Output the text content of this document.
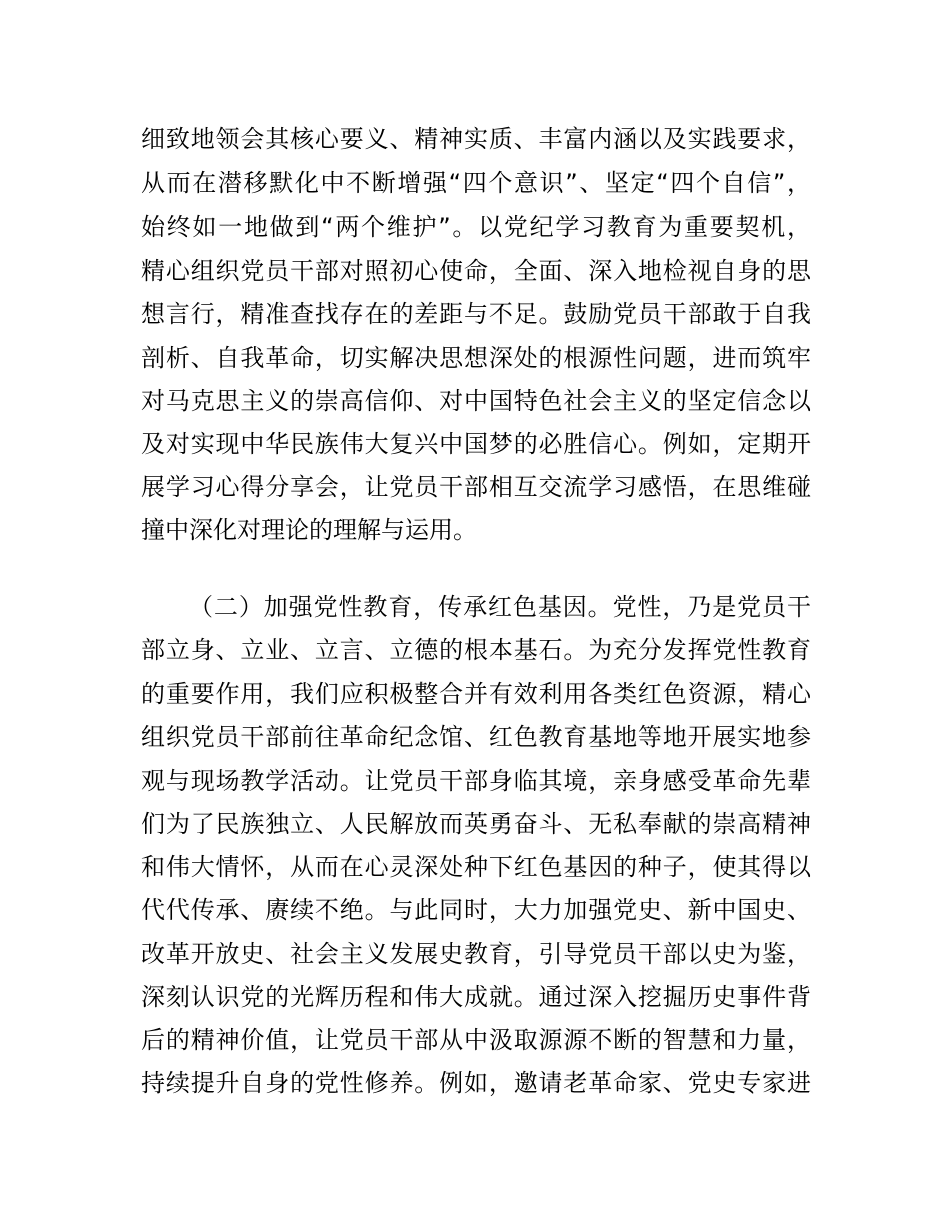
细致地领会其核心要义、精神实质、丰富内涵以及实践要求，
从而在潜移默化中不断增强“四个意识”、坚定“四个自信”，
始终如一地做到“两个维护”。以党纪学习教育为重要契机，
精心组织党员干部对照初心使命，全面、深入地检视自身的思
想言行，精准查找存在的差距与不足。鼓励党员干部敢于自我
剖析、自我革命，切实解决思想深处的根源性问题，进而筑牢
对马克思主义的崇高信仰、对中国特色社会主义的坚定信念以
及对实现中华民族伟大复兴中国梦的必胜信心。例如，定期开
展学习心得分享会，让党员干部相互交流学习感悟，在思维碰
撞中深化对理论的理解与运用。
（二）加强党性教育，传承红色基因。党性，乃是党员干
部立身、立业、立言、立德的根本基石。为充分发挥党性教育
的重要作用，我们应积极整合并有效利用各类红色资源，精心
组织党员干部前往革命纪念馆、红色教育基地等地开展实地参
观与现场教学活动。让党员干部身临其境，亲身感受革命先辈
们为了民族独立、人民解放而英勇奋斗、无私奉献的崇高精神
和伟大情怀，从而在心灵深处种下红色基因的种子，使其得以
代代传承、赓续不绝。与此同时，大力加强党史、新中国史、
改革开放史、社会主义发展史教育，引导党员干部以史为鉴，
深刻认识党的光辉历程和伟大成就。通过深入挖掘历史事件背
后的精神价值，让党员干部从中汲取源源不断的智慧和力量，
持续提升自身的党性修养。例如，邀请老革命家、党史专家进
